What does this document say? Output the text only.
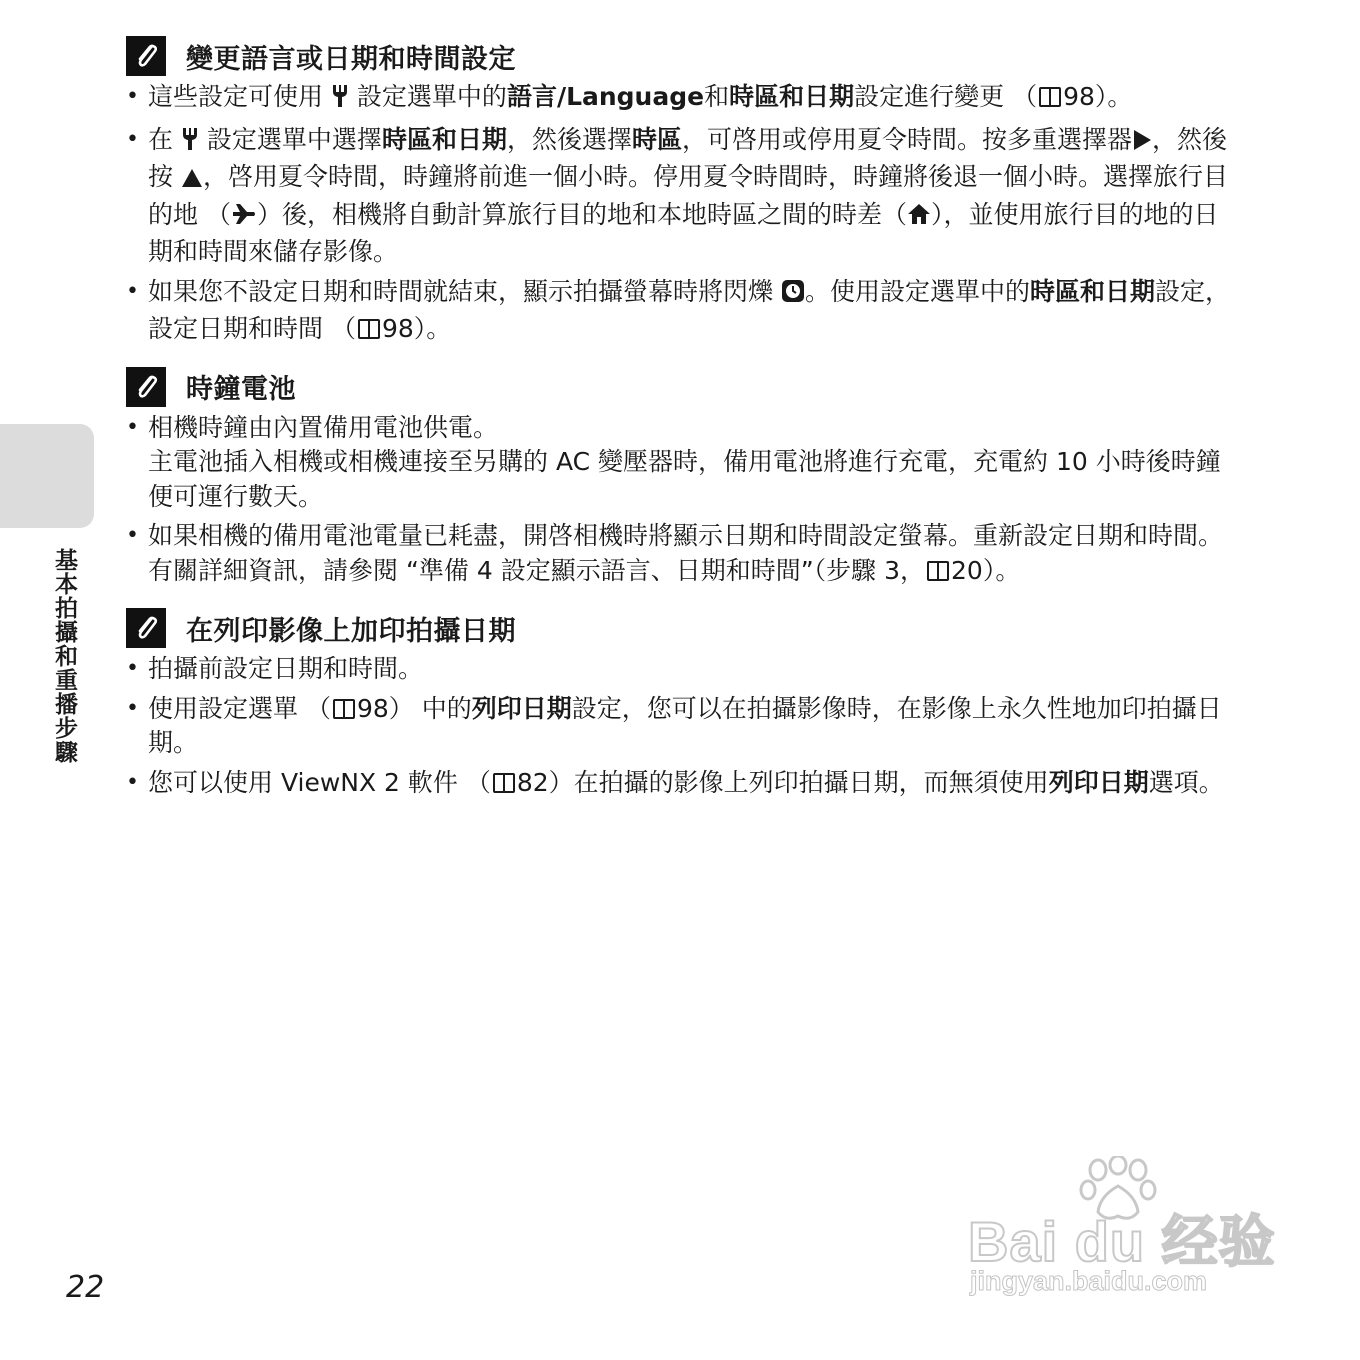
基本拍攝和重播步驟
變更語言或日期和時間設定
• 這些設定可使用 設定選單中的語言/Language和時區和日期設定進行變更 （ 98）。
• 在 設定選單中選擇時區和日期，然後選擇時區，可啓用或停用夏令時間。按多重選擇器 ，然後按 ，啓用夏令時間，時鐘將前進一個小時。停用夏令時間時，時鐘將後退一個小時。選擇旅行目的地 （ ）後，相機將自動計算旅行目的地和本地時區之間的時差（ ），並使用旅行目的地的日期和時間來儲存影像。
• 如果您不設定日期和時間就結束，顯示拍攝螢幕時將閃爍 。使用設定選單中的時區和日期設定，設定日期和時間 （ 98）。
時鐘電池
• 相機時鐘由內置備用電池供電。
主電池插入相機或相機連接至另購的 AC 變壓器時，備用電池將進行充電，充電約 10 小時後時鐘便可運行數天。
• 如果相機的備用電池電量已耗盡，開啓相機時將顯示日期和時間設定螢幕。重新設定日期和時間。有關詳細資訊，請參閱 “準備 4 設定顯示語言、日期和時間”（步驟 3， 20）。
在列印影像上加印拍攝日期
• 拍攝前設定日期和時間。
• 使用設定選單 （ 98） 中的列印日期設定，您可以在拍攝影像時，在影像上永久性地加印拍攝日期。
• 您可以使用 ViewNX 2 軟件 （ 82）在拍攝的影像上列印拍攝日期，而無須使用列印日期選項。
22
Bai du 经验
jingyan.baidu.com
